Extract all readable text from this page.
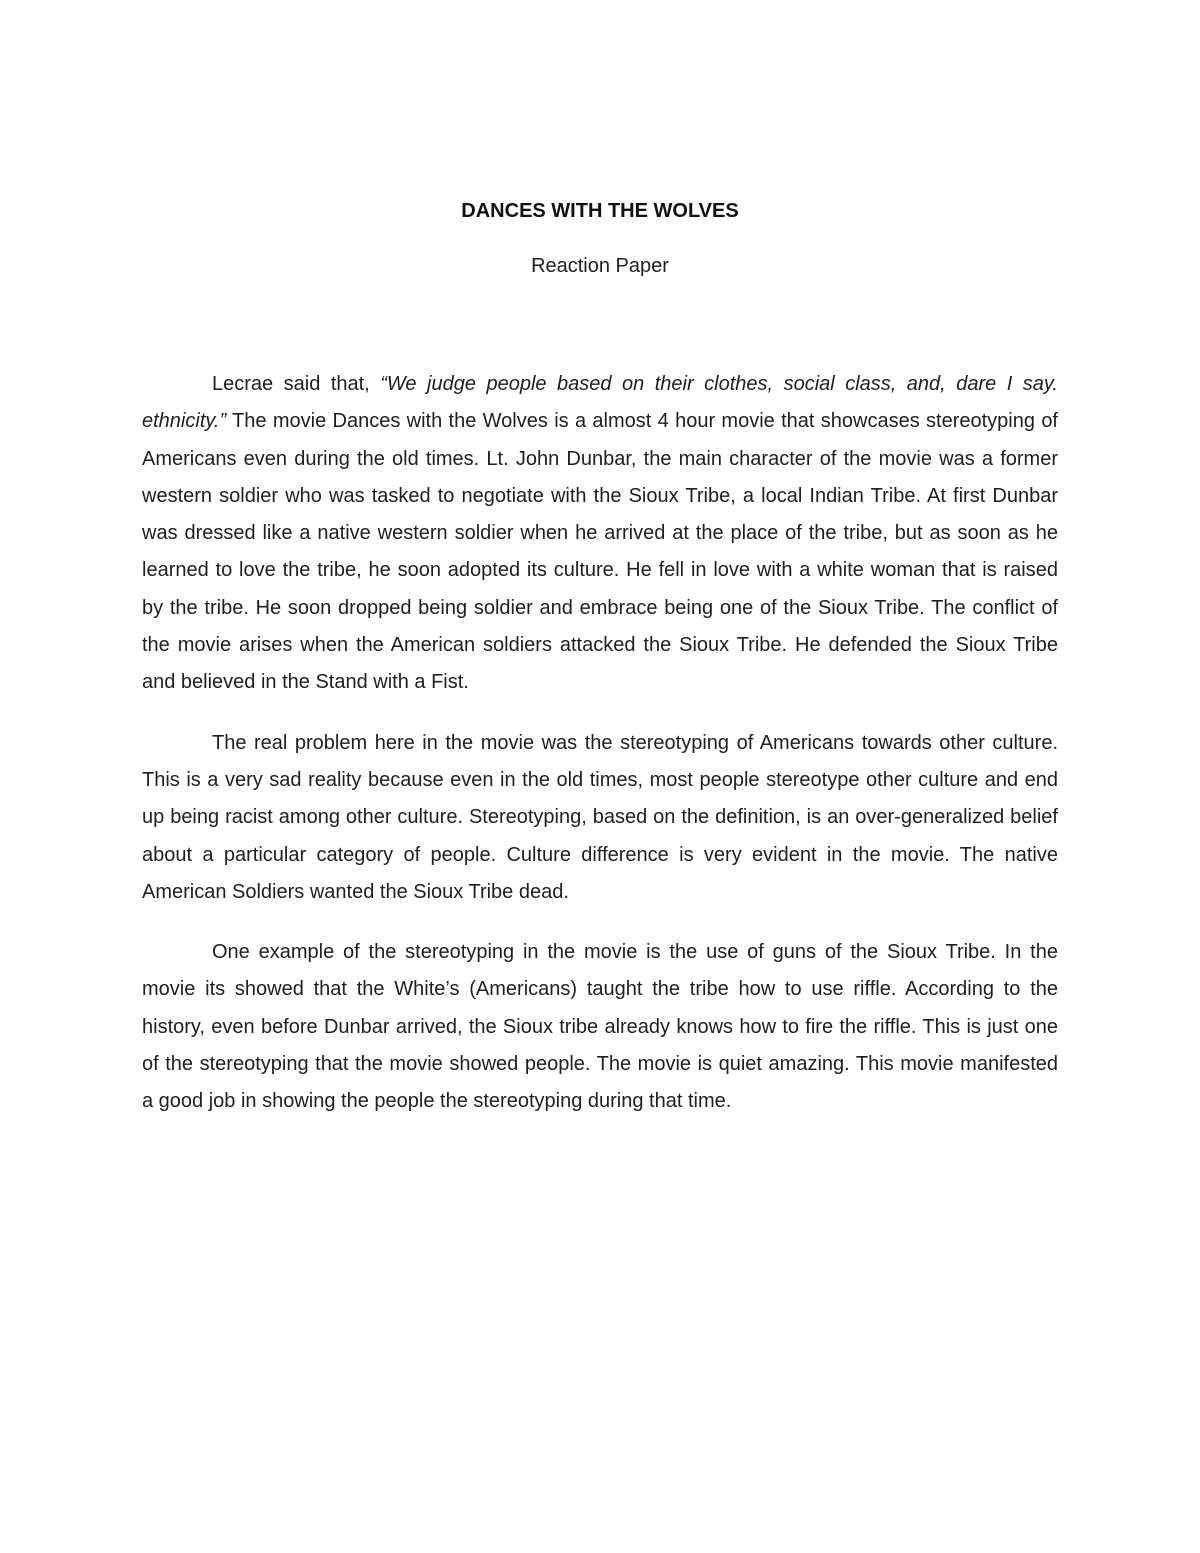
DANCES WITH THE WOLVES
Reaction Paper

Lecrae said that, “We judge people based on their clothes, social class, and, dare I say. ethnicity.” The movie Dances with the Wolves is a almost 4 hour movie that showcases stereotyping of Americans even during the old times. Lt. John Dunbar, the main character of the movie was a former western soldier who was tasked to negotiate with the Sioux Tribe, a local Indian Tribe. At first Dunbar was dressed like a native western soldier when he arrived at the place of the tribe, but as soon as he learned to love the tribe, he soon adopted its culture. He fell in love with a white woman that is raised by the tribe. He soon dropped being soldier and embrace being one of the Sioux Tribe. The conflict of the movie arises when the American soldiers attacked the Sioux Tribe. He defended the Sioux Tribe and believed in the Stand with a Fist.

The real problem here in the movie was the stereotyping of Americans towards other culture. This is a very sad reality because even in the old times, most people stereotype other culture and end up being racist among other culture. Stereotyping, based on the definition, is an over-generalized belief about a particular category of people. Culture difference is very evident in the movie. The native American Soldiers wanted the Sioux Tribe dead.

One example of the stereotyping in the movie is the use of guns of the Sioux Tribe. In the movie its showed that the White’s (Americans) taught the tribe how to use riffle. According to the history, even before Dunbar arrived, the Sioux tribe already knows how to fire the riffle. This is just one of the stereotyping that the movie showed people. The movie is quiet amazing. This movie manifested a good job in showing the people the stereotyping during that time.
